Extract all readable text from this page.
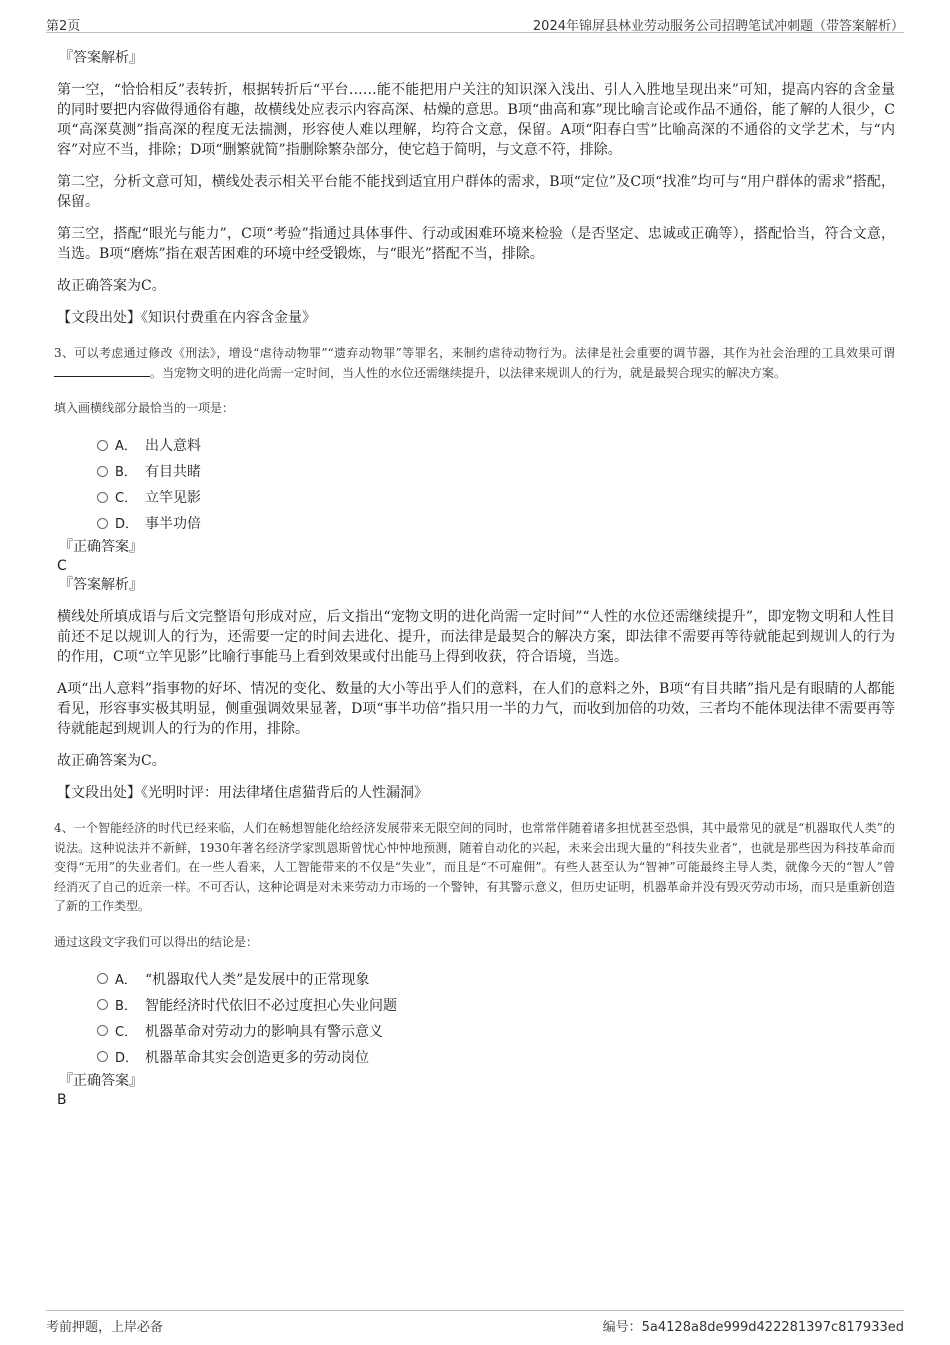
第2页	2024年锦屏县林业劳动服务公司招聘笔试冲刺题（带答案解析）
『答案解析』

第一空，“恰恰相反”表转折，根据转折后“平台……能不能把用户关注的知识深入浅出、引人入胜地呈现出来”可知，提高内容的含金量的同时要把内容做得通俗有趣，故横线处应表示内容高深、枯燥的意思。B项“曲高和寡”现比喻言论或作品不通俗，能了解的人很少，C项“高深莫测”指高深的程度无法揣测，形容使人难以理解，均符合文意，保留。A项“阳春白雪”比喻高深的不通俗的文学艺术，与“内容”对应不当，排除；D项“删繁就简”指删除繁杂部分，使它趋于简明，与文意不符，排除。

第二空，分析文意可知，横线处表示相关平台能不能找到适宜用户群体的需求，B项“定位”及C项“找准”均可与“用户群体的需求”搭配，保留。

第三空，搭配“眼光与能力”，C项“考验”指通过具体事件、行动或困难环境来检验（是否坚定、忠诚或正确等），搭配恰当，符合文意，当选。B项“磨炼”指在艰苦困难的环境中经受锻炼，与“眼光”搭配不当，排除。

故正确答案为C。

【文段出处】《知识付费重在内容含金量》

3、可以考虑通过修改《刑法》，增设“虐待动物罪”“遗弃动物罪”等罪名，来制约虐待动物行为。法律是社会重要的调节器，其作为社会治理的工具效果可谓 。当宠物文明的进化尚需一定时间，当人性的水位还需继续提升，以法律来规训人的行为，就是最契合现实的解决方案。

填入画横线部分最恰当的一项是：
A． 出人意料
B． 有目共睹
C． 立竿见影
D． 事半功倍
『正确答案』
C
『答案解析』

横线处所填成语与后文完整语句形成对应，后文指出“宠物文明的进化尚需一定时间”“人性的水位还需继续提升”，即宠物文明和人性目前还不足以规训人的行为，还需要一定的时间去进化、提升，而法律是最契合的解决方案，即法律不需要再等待就能起到规训人的行为的作用，C项“立竿见影”比喻行事能马上看到效果或付出能马上得到收获，符合语境，当选。

A项“出人意料”指事物的好坏、情况的变化、数量的大小等出乎人们的意料，在人们的意料之外，B项“有目共睹”指凡是有眼睛的人都能看见，形容事实极其明显，侧重强调效果显著，D项“事半功倍”指只用一半的力气，而收到加倍的功效，三者均不能体现法律不需要再等待就能起到规训人的行为的作用，排除。

故正确答案为C。

【文段出处】《光明时评：用法律堵住虐猫背后的人性漏洞》

4、一个智能经济的时代已经来临，人们在畅想智能化给经济发展带来无限空间的同时，也常常伴随着诸多担忧甚至恐惧，其中最常见的就是“机器取代人类”的说法。这种说法并不新鲜，1930年著名经济学家凯恩斯曾忧心忡忡地预测，随着自动化的兴起，未来会出现大量的“科技失业者”，也就是那些因为科技革命而变得“无用”的失业者们。在一些人看来，人工智能带来的不仅是“失业”，而且是“不可雇佣”。有些人甚至认为“智神”可能最终主导人类，就像今天的“智人”曾经消灭了自己的近亲一样。不可否认，这种论调是对未来劳动力市场的一个警钟，有其警示意义，但历史证明，机器革命并没有毁灭劳动市场，而只是重新创造了新的工作类型。

通过这段文字我们可以得出的结论是：
A． “机器取代人类”是发展中的正常现象
B． 智能经济时代依旧不必过度担心失业问题
C． 机器革命对劳动力的影响具有警示意义
D． 机器革命其实会创造更多的劳动岗位
『正确答案』
B
考前押题，上岸必备	编号：5a4128a8de999d422281397c817933ed
